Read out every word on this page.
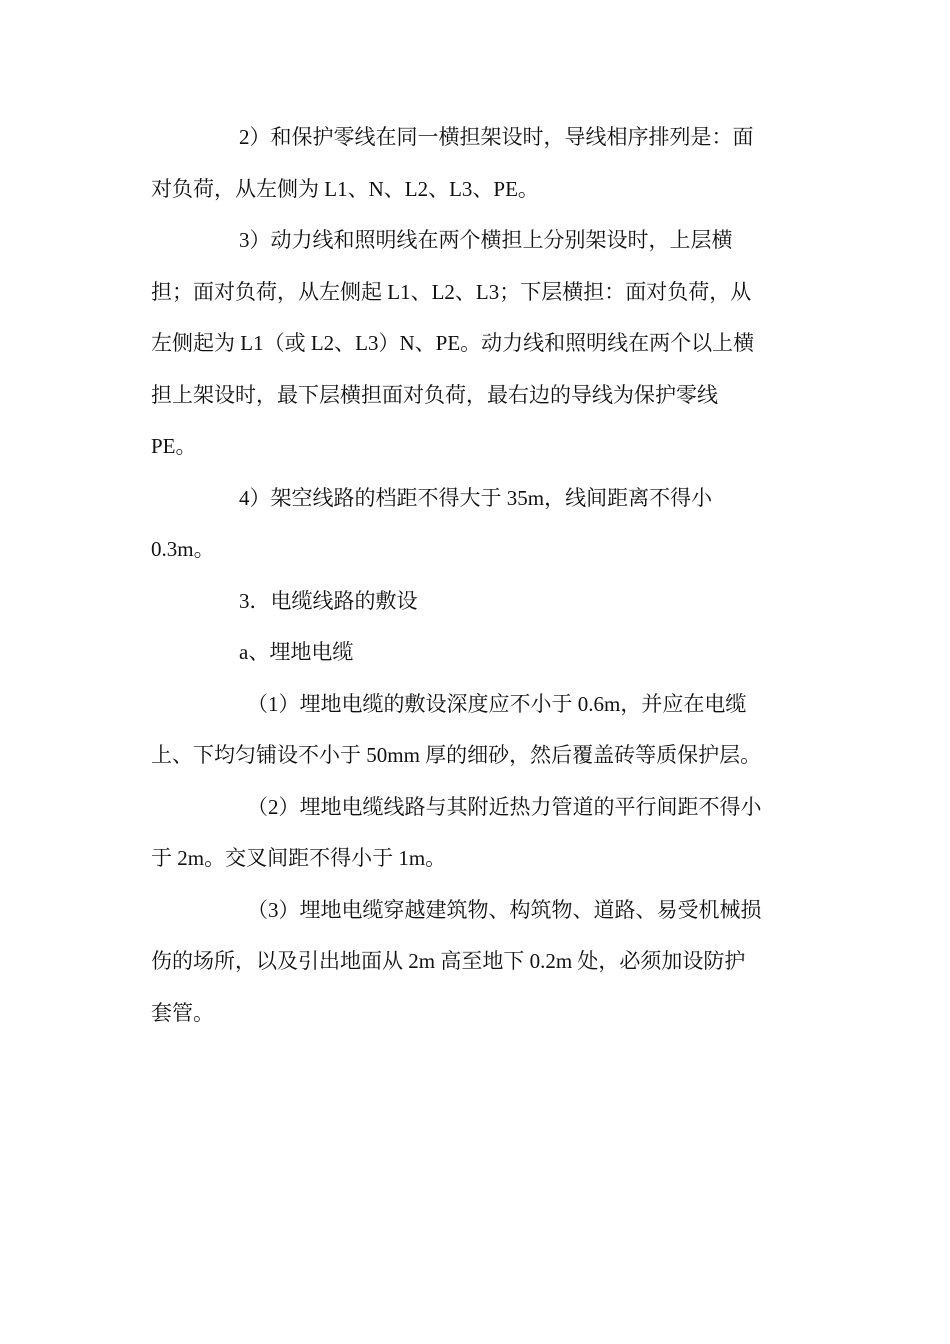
2）和保护零线在同一横担架设时，导线相序排列是：面
对负荷，从左侧为 L1、N、L2、L3、PE。

3）动力线和照明线在两个横担上分别架设时，上层横
担；面对负荷，从左侧起 L1、L2、L3；下层横担：面对负荷，从
左侧起为 L1（或 L2、L3）N、PE。动力线和照明线在两个以上横
担上架设时，最下层横担面对负荷，最右边的导线为保护零线
PE。

4）架空线路的档距不得大于 35m，线间距离不得小
0.3m。

3．电缆线路的敷设

a、埋地电缆

（1）埋地电缆的敷设深度应不小于 0.6m，并应在电缆
上、下均匀铺设不小于 50mm 厚的细砂，然后覆盖砖等质保护层。

（2）埋地电缆线路与其附近热力管道的平行间距不得小
于 2m。交叉间距不得小于 1m。

（3）埋地电缆穿越建筑物、构筑物、道路、易受机械损
伤的场所，以及引出地面从 2m 高至地下 0.2m 处，必须加设防护
套管。
